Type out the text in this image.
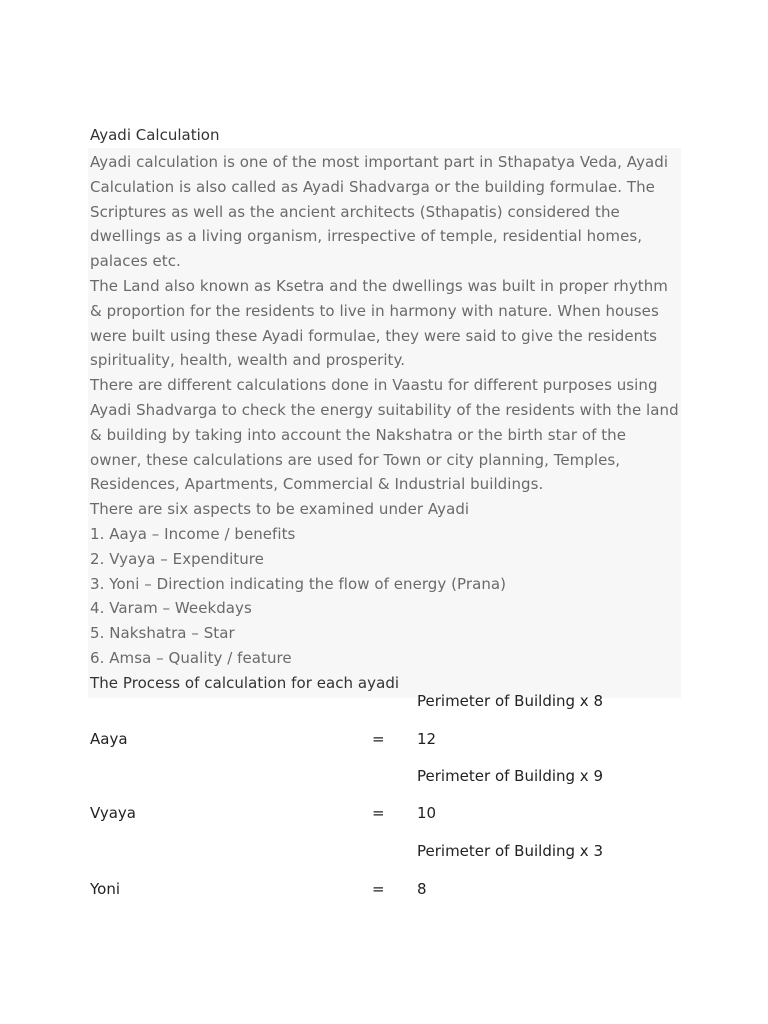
Ayadi Calculation

Ayadi calculation is one of the most important part in Sthapatya Veda, Ayadi Calculation is also called as Ayadi Shadvarga or the building formulae. The Scriptures as well as the ancient architects (Sthapatis) considered the dwellings as a living organism, irrespective of temple, residential homes, palaces etc.

The Land also known as Ksetra and the dwellings was built in proper rhythm & proportion for the residents to live in harmony with nature. When houses were built using these Ayadi formulae, they were said to give the residents spirituality, health, wealth and prosperity.

There are different calculations done in Vaastu for different purposes using Ayadi Shadvarga to check the energy suitability of the residents with the land & building by taking into account the Nakshatra or the birth star of the owner, these calculations are used for Town or city planning, Temples, Residences, Apartments, Commercial & Industrial buildings.

There are six aspects to be examined under Ayadi

1. Aaya – Income / benefits

2. Vyaya – Expenditure

3. Yoni – Direction indicating the flow of energy (Prana)

4. Varam – Weekdays

5. Nakshatra – Star

6. Amsa – Quality / feature

The Process of calculation for each ayadi

Perimeter of Building x 8
Aaya	= 12
Perimeter of Building x 9
Vyaya	= 10
Perimeter of Building x 3
Yoni	= 8
